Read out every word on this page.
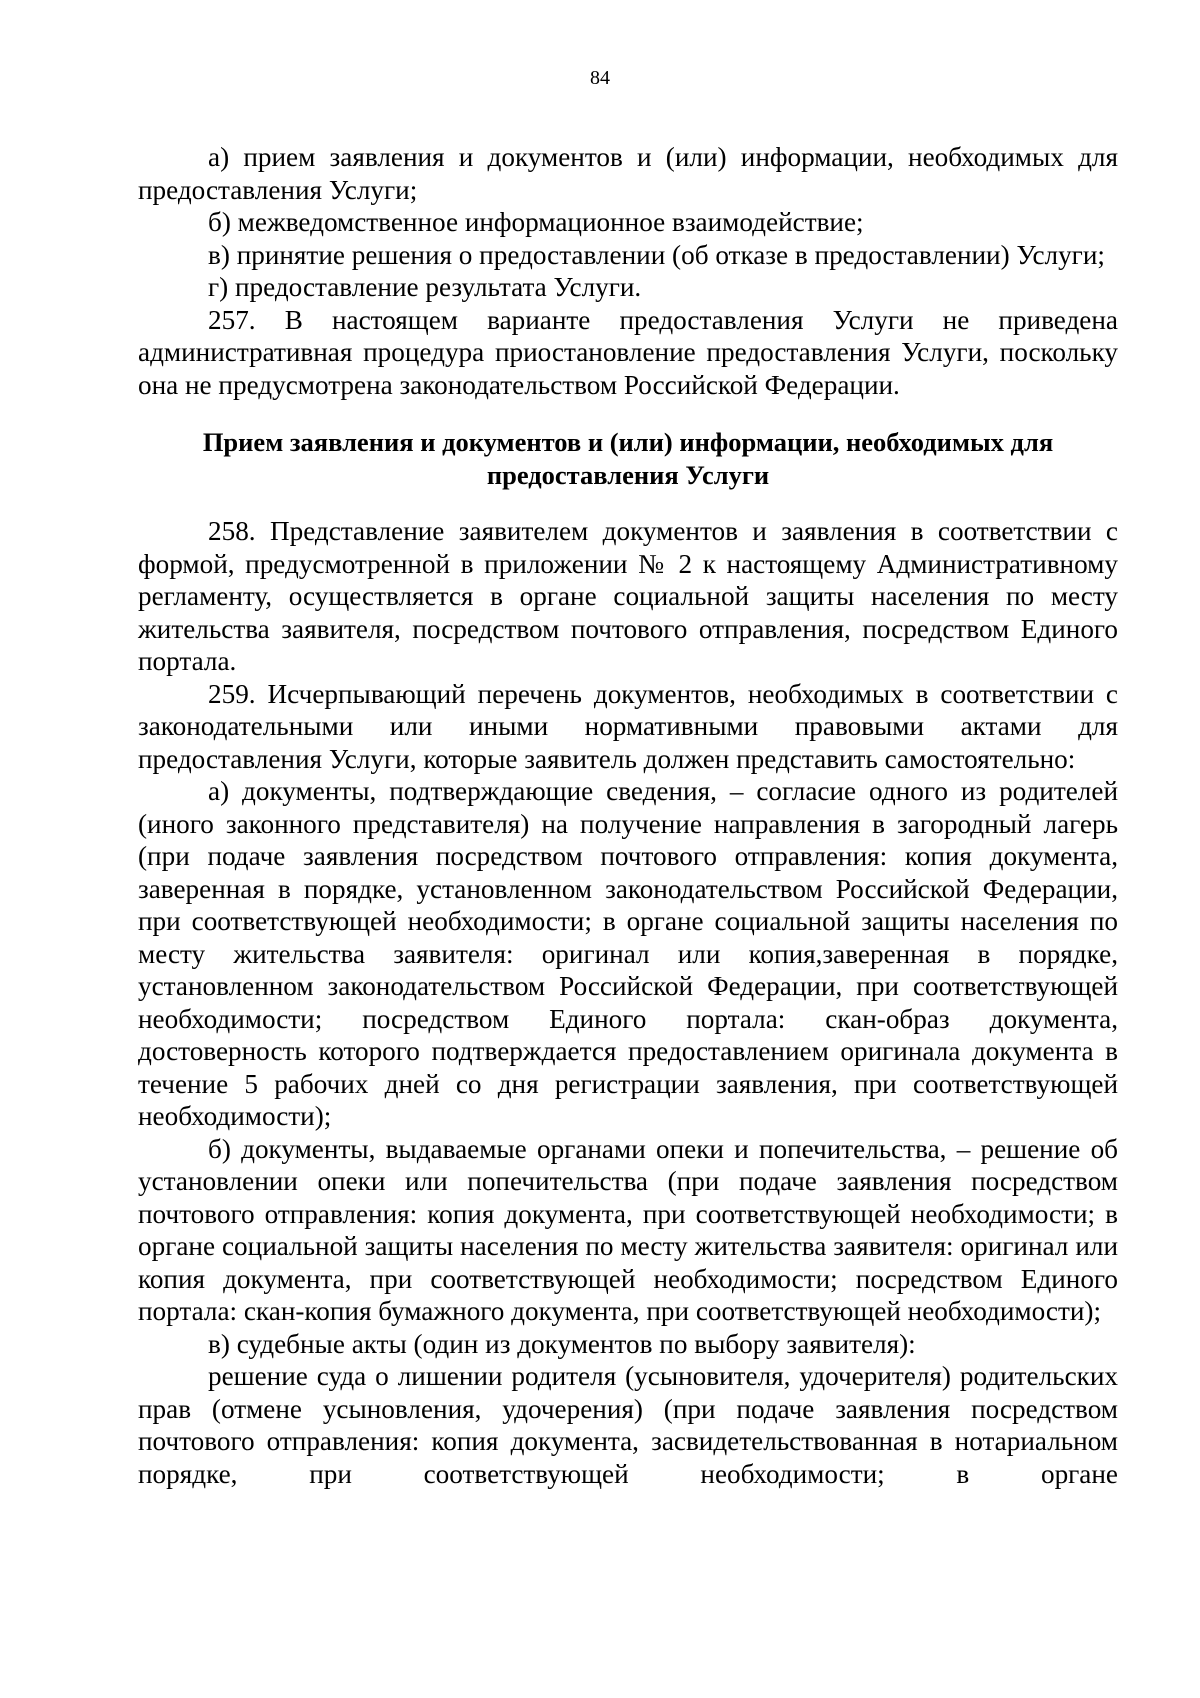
84

а) прием заявления и документов и (или) информации, необходимых для предоставления Услуги;

б) межведомственное информационное взаимодействие;

в) принятие решения о предоставлении (об отказе в предоставлении) Услуги;

г) предоставление результата Услуги.

257. В настоящем варианте предоставления Услуги не приведена административная процедура приостановление предоставления Услуги, поскольку она не предусмотрена законодательством Российской Федерации.

Прием заявления и документов и (или) информации, необходимых для
предоставления Услуги

258. Представление заявителем документов и заявления в соответствии с формой, предусмотренной в приложении № 2 к настоящему Административному регламенту, осуществляется в органе социальной защиты населения по месту жительства заявителя, посредством почтового отправления, посредством Единого портала.

259. Исчерпывающий перечень документов, необходимых в соответствии с законодательными или иными нормативными правовыми актами для предоставления Услуги, которые заявитель должен представить самостоятельно:

а) документы, подтверждающие сведения, – согласие одного из родителей (иного законного представителя) на получение направления в загородный лагерь (при подаче заявления посредством почтового отправления: копия документа, заверенная в порядке, установленном законодательством Российской Федерации, при соответствующей необходимости; в органе социальной защиты населения по месту жительства заявителя: оригинал или копия,заверенная в порядке, установленном законодательством Российской Федерации, при соответствующей необходимости; посредством Единого портала: скан-образ документа, достоверность которого подтверждается предоставлением оригинала документа в течение 5 рабочих дней со дня регистрации заявления, при соответствующей необходимости);

б) документы, выдаваемые органами опеки и попечительства, – решение об установлении опеки или попечительства (при подаче заявления посредством почтового отправления: копия документа, при соответствующей необходимости; в органе социальной защиты населения по месту жительства заявителя: оригинал или копия документа, при соответствующей необходимости; посредством Единого портала: скан-копия бумажного документа, при соответствующей необходимости);

в) судебные акты (один из документов по выбору заявителя):

решение суда о лишении родителя (усыновителя, удочерителя) родительских прав (отмене усыновления, удочерения) (при подаче заявления посредством почтового отправления: копия документа, засвидетельствованная в нотариальном порядке, при соответствующей необходимости; в органе
